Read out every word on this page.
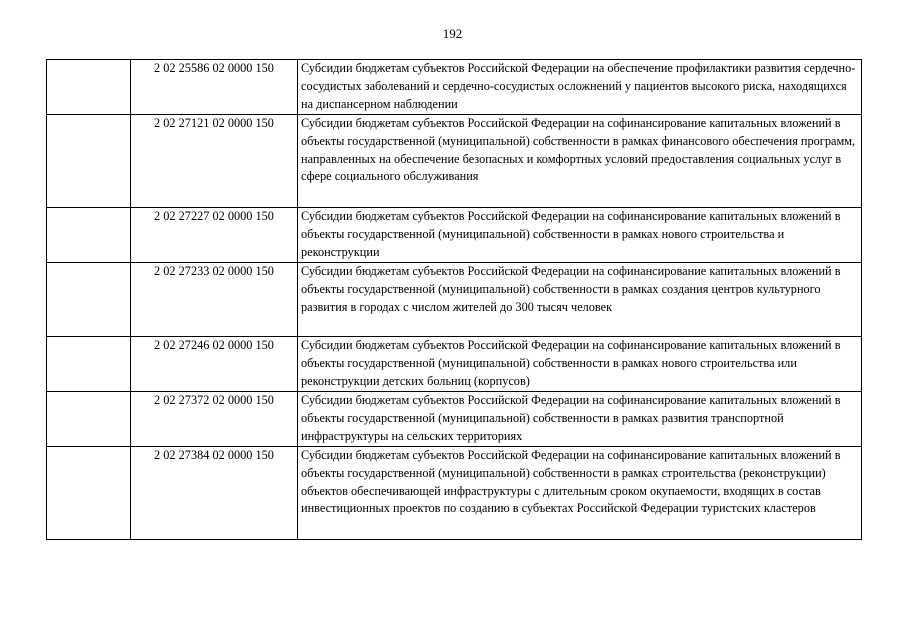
192
	2 02 25586 02 0000 150	Субсидии бюджетам субъектов Российской Федерации на обеспечение профилактики развития сердечно-сосудистых заболеваний и сердечно-сосудистых осложнений у пациентов высокого риска, находящихся на диспансерном наблюдении
	2 02 27121 02 0000 150	Субсидии бюджетам субъектов Российской Федерации на софинансирование капитальных вложений в объекты государственной (муниципальной) собственности в рамках финансового обеспечения программ, направленных на обеспечение безопасных и комфортных условий предоставления социальных услуг в сфере социального обслуживания
	2 02 27227 02 0000 150	Субсидии бюджетам субъектов Российской Федерации на софинансирование капитальных вложений в объекты государственной (муниципальной) собственности в рамках нового строительства и реконструкции
	2 02 27233 02 0000 150	Субсидии бюджетам субъектов Российской Федерации на софинансирование капитальных вложений в объекты государственной (муниципальной) собственности в рамках создания центров культурного развития в городах с числом жителей до 300 тысяч человек
	2 02 27246 02 0000 150	Субсидии бюджетам субъектов Российской Федерации на софинансирование капитальных вложений в объекты государственной (муниципальной) собственности в рамках нового строительства или реконструкции детских больниц (корпусов)
	2 02 27372 02 0000 150	Субсидии бюджетам субъектов Российской Федерации на софинансирование капитальных вложений в объекты государственной (муниципальной) собственности в рамках развития транспортной инфраструктуры на сельских территориях
	2 02 27384 02 0000 150	Субсидии бюджетам субъектов Российской Федерации на софинансирование капитальных вложений в объекты государственной (муниципальной) собственности в рамках строительства (реконструкции) объектов обеспечивающей инфраструктуры с длительным сроком окупаемости, входящих в состав инвестиционных проектов по созданию в субъектах Российской Федерации туристских кластеров
